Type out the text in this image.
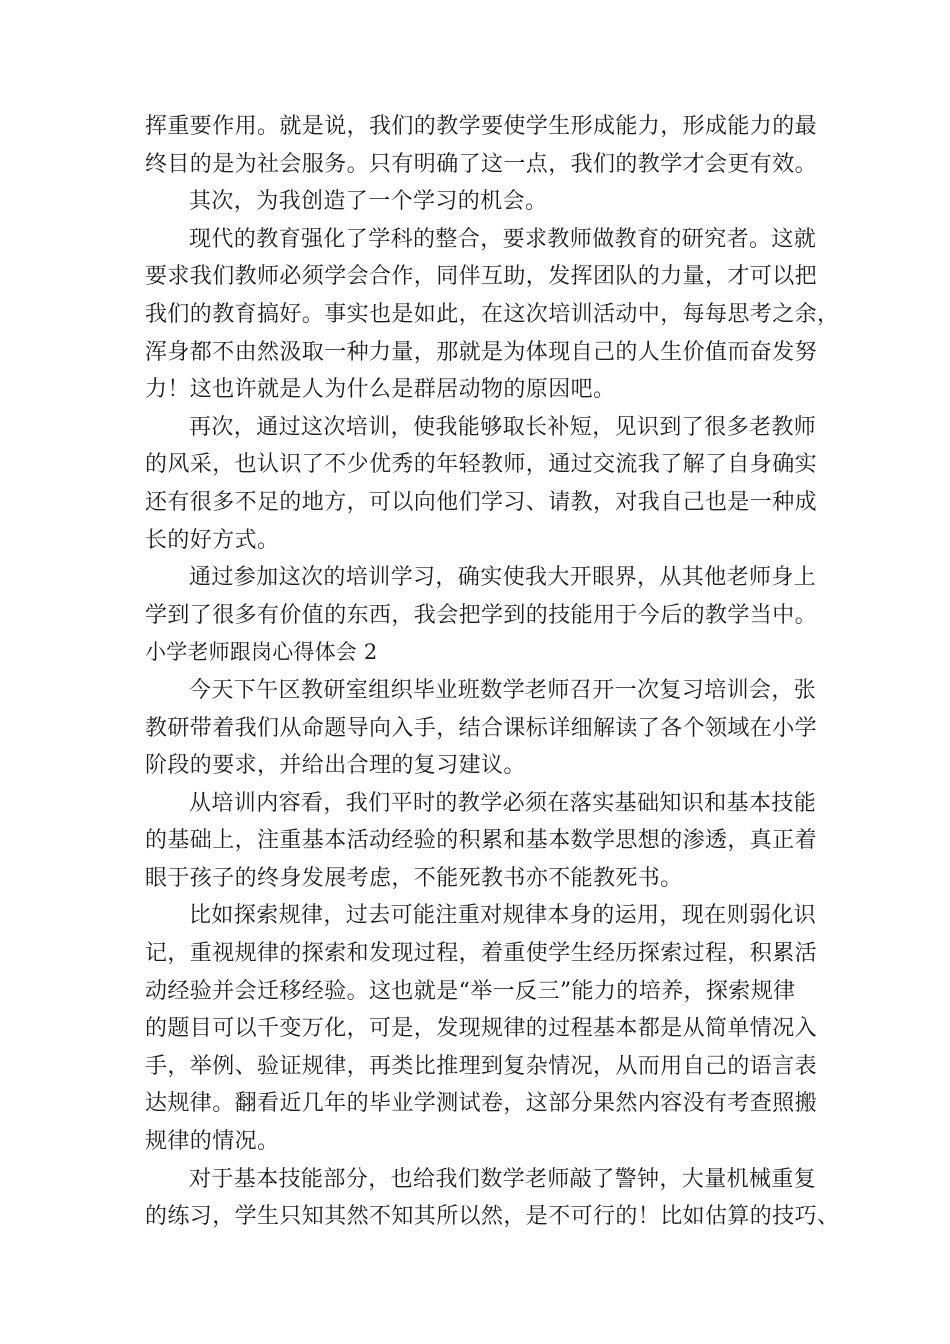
挥重要作用。就是说，我们的教学要使学生形成能力，形成能力的最
终目的是为社会服务。只有明确了这一点，我们的教学才会更有效。
其次，为我创造了一个学习的机会。
现代的教育强化了学科的整合，要求教师做教育的研究者。这就
要求我们教师必须学会合作，同伴互助，发挥团队的力量，才可以把
我们的教育搞好。事实也是如此，在这次培训活动中，每每思考之余，
浑身都不由然汲取一种力量，那就是为体现自己的人生价值而奋发努
力！这也许就是人为什么是群居动物的原因吧。
再次，通过这次培训，使我能够取长补短，见识到了很多老教师
的风采，也认识了不少优秀的年轻教师，通过交流我了解了自身确实
还有很多不足的地方，可以向他们学习、请教，对我自己也是一种成
长的好方式。
通过参加这次的培训学习，确实使我大开眼界，从其他老师身上
学到了很多有价值的东西，我会把学到的技能用于今后的教学当中。
小学老师跟岗心得体会 2
今天下午区教研室组织毕业班数学老师召开一次复习培训会，张
教研带着我们从命题导向入手，结合课标详细解读了各个领域在小学
阶段的要求，并给出合理的复习建议。
从培训内容看，我们平时的教学必须在落实基础知识和基本技能
的基础上，注重基本活动经验的积累和基本数学思想的渗透，真正着
眼于孩子的终身发展考虑，不能死教书亦不能教死书。
比如探索规律，过去可能注重对规律本身的运用，现在则弱化识
记，重视规律的探索和发现过程，着重使学生经历探索过程，积累活
动经验并会迁移经验。这也就是“举一反三”能力的培养，探索规律
的题目可以千变万化，可是，发现规律的过程基本都是从简单情况入
手，举例、验证规律，再类比推理到复杂情况，从而用自己的语言表
达规律。翻看近几年的毕业学测试卷，这部分果然内容没有考查照搬
规律的情况。
对于基本技能部分，也给我们数学老师敲了警钟，大量机械重复
的练习，学生只知其然不知其所以然，是不可行的！比如估算的技巧、
